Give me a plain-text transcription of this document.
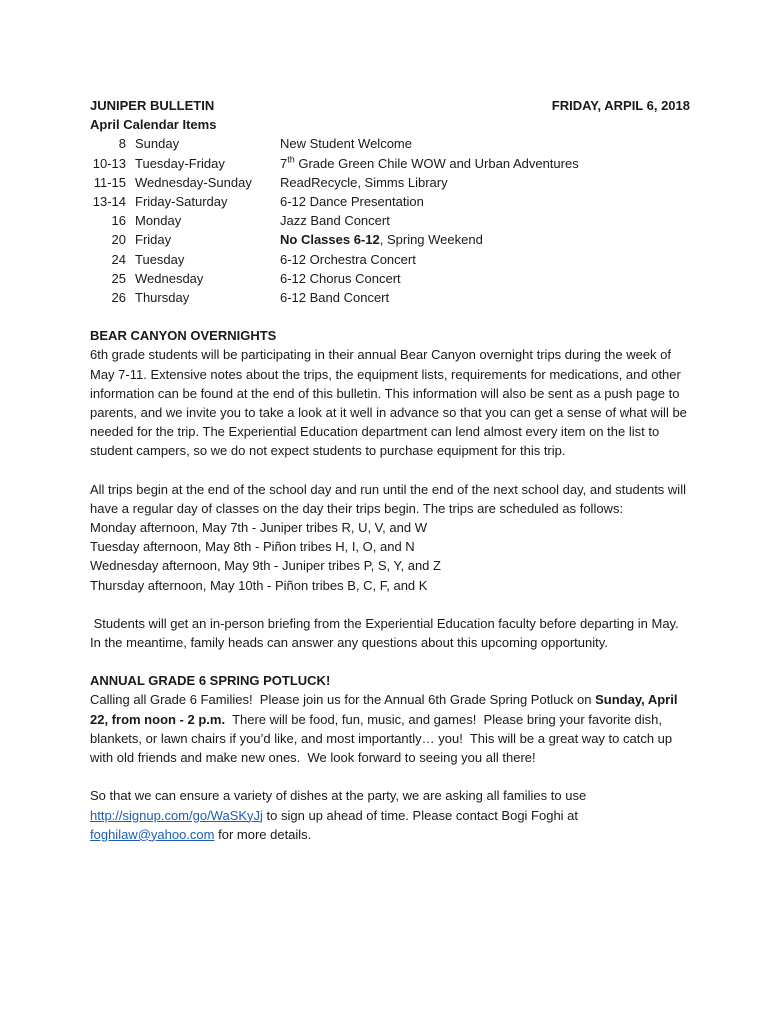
JUNIPER BULLETIN	FRIDAY, ARPIL 6, 2018
April Calendar Items
8 Sunday	New Student Welcome
10-13 Tuesday-Friday	7th Grade Green Chile WOW and Urban Adventures
11-15 Wednesday-Sunday	ReadRecycle, Simms Library
13-14 Friday-Saturday	6-12 Dance Presentation
16 Monday	Jazz Band Concert
20 Friday	No Classes 6-12, Spring Weekend
24 Tuesday	6-12 Orchestra Concert
25 Wednesday	6-12 Chorus Concert
26 Thursday	6-12 Band Concert
BEAR CANYON OVERNIGHTS

6th grade students will be participating in their annual Bear Canyon overnight trips during the week of May 7-11. Extensive notes about the trips, the equipment lists, requirements for medications, and other information can be found at the end of this bulletin. This information will also be sent as a push page to parents, and we invite you to take a look at it well in advance so that you can get a sense of what will be needed for the trip. The Experiential Education department can lend almost every item on the list to student campers, so we do not expect students to purchase equipment for this trip.

All trips begin at the end of the school day and run until the end of the next school day, and students will have a regular day of classes on the day their trips begin. The trips are scheduled as follows:

Monday afternoon, May 7th - Juniper tribes R, U, V, and W
Tuesday afternoon, May 8th - Piñon tribes H, I, O, and N
Wednesday afternoon, May 9th - Juniper tribes P, S, Y, and Z
Thursday afternoon, May 10th - Piñon tribes B, C, F, and K

Students will get an in-person briefing from the Experiential Education faculty before departing in May. In the meantime, family heads can answer any questions about this upcoming opportunity.

ANNUAL GRADE 6 SPRING POTLUCK!

Calling all Grade 6 Families!  Please join us for the Annual 6th Grade Spring Potluck on Sunday, April 22, from noon - 2 p.m.  There will be food, fun, music, and games!  Please bring your favorite dish, blankets, or lawn chairs if you’d like, and most importantly… you!  This will be a great way to catch up with old friends and make new ones.  We look forward to seeing you all there!

So that we can ensure a variety of dishes at the party, we are asking all families to use http://signup.com/go/WaSKyJj to sign up ahead of time. Please contact Bogi Foghi at foghilaw@yahoo.com for more details.
